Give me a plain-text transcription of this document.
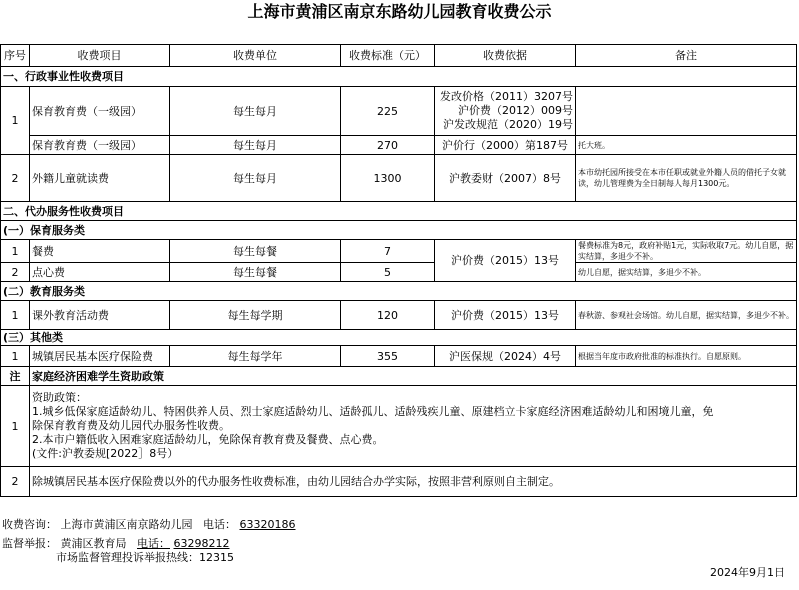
上海市黄浦区南京东路幼儿园教育收费公示
序号	收费项目	收费单位	收费标准（元）	收费依据	备注
一、行政事业性收费项目					
1	保育教育费（一级园）	每生每月	225	发改价格（2011）3207号
沪价费（2012）009号
沪发改规范（2020）19号	

	保育教育费（一级园）	每生每月	270	沪价行（2000）第187号	托大班。
2	外籍儿童就读费	每生每月	1300	沪教委财（2007）8号	本市幼托园所接受在本市任职或就业外籍人员的借托子女就读，幼儿管理费为全日制每人每月1300元。
二、代办服务性收费项目					
(一）保育服务类					
1	餐费	每生每餐	7	沪价费（2015）13号	餐费标准为8元，政府补贴1元，实际收取7元。幼儿自愿，据实结算，多退少不补。
2	点心费	每生每餐	5		幼儿自愿，据实结算，多退少不补。
(二）教育服务类					
1	课外教育活动费	每生每学期	120	沪价费（2015）13号	春秋游、参观社会场馆。幼儿自愿，据实结算，多退少不补。
(三）其他类					
1	城镇居民基本医疗保险费	每生每学年	355	沪医保规（2024）4号	根据当年度市政府批准的标准执行。自愿原则。
注	家庭经济困难学生资助政策				
1	资助政策：
1.城乡低保家庭适龄幼儿、特困供养人员、烈士家庭适龄幼儿、适龄孤儿、适龄残疾儿童、原建档立卡家庭经济困难适龄幼儿和困境儿童，免
除保育教育费及幼儿园代办服务性收费。
2.本市户籍低收入困难家庭适龄幼儿，免除保育教育费及餐费、点心费。
(文件:沪教委规[2022］8号）				

2	除城镇居民基本医疗保险费以外的代办服务性收费标准，由幼儿园结合办学实际，按照非营利原则自主制定。				
收费咨询： 上海市黄浦区南京路幼儿园 电话： 63320186
监督举报： 黄浦区教育局 电话： 63298212
市场监督管理投诉举报热线：12315
2024年9月1日
